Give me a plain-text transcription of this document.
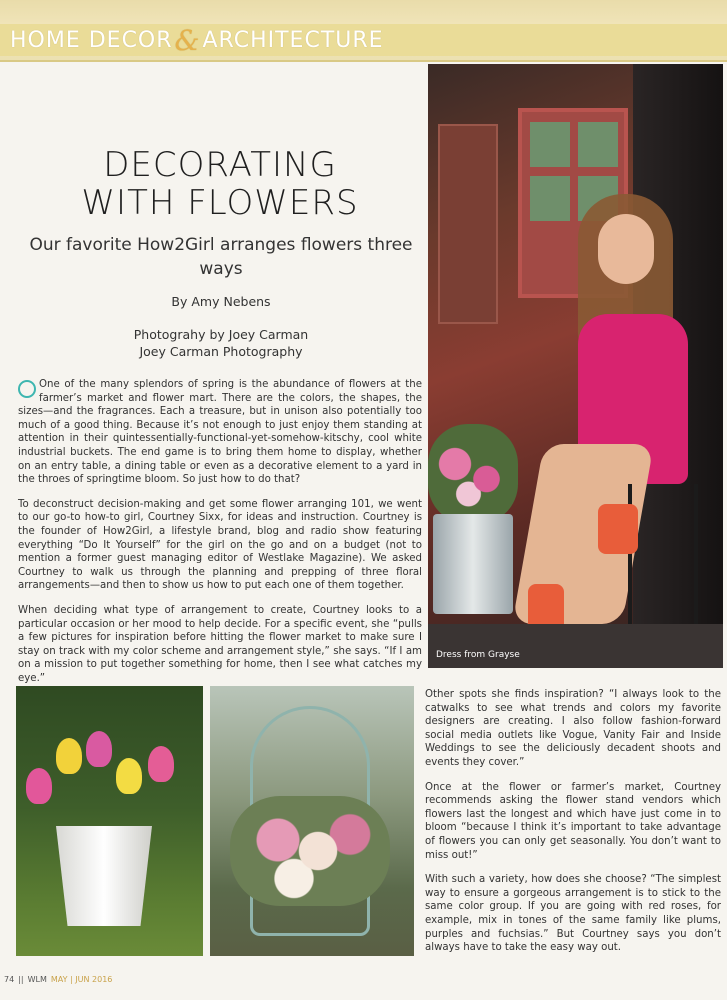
HOME DECOR & ARCHITECTURE
DECORATING
WITH FLOWERS
Our favorite How2Girl arranges flowers three ways
By Amy Nebens
Photograhy by Joey Carman
Joey Carman Photography

One of the many splendors of spring is the abundance of flowers at the farmer’s market and flower mart. There are the colors, the shapes, the sizes—and the fragrances. Each a treasure, but in unison also potentially too much of a good thing. Because it’s not enough to just enjoy them standing at attention in their quintessentially-functional-yet-somehow-kitschy, cool white industrial buckets. The end game is to bring them home to display, whether on an entry table, a dining table or even as a decorative element to a yard in the throes of springtime bloom. So just how to do that?

To deconstruct decision-making and get some flower arranging 101, we went to our go-to how-to girl, Courtney Sixx, for ideas and instruction. Courtney is the founder of How2Girl, a lifestyle brand, blog and radio show featuring everything “Do It Yourself” for the girl on the go and on a budget (not to mention a former guest managing editor of Westlake Magazine). We asked Courtney to walk us through the planning and prepping of three floral arrangements—and then to show us how to put each one of them together.

When deciding what type of arrangement to create, Courtney looks to a particular occasion or her mood to help decide. For a specific event, she “pulls a few pictures for inspiration before hitting the flower market to make sure I stay on track with my color scheme and arrangement style,” she says. “If I am on a mission to put together something for home, then I see what catches my eye.”

Dress from Grayse

Other spots she finds inspiration? “I always look to the catwalks to see what trends and colors my favorite designers are creating. I also follow fashion-forward social media outlets like Vogue, Vanity Fair and Inside Weddings to see the deliciously decadent shoots and events they cover.”

Once at the flower or farmer’s market, Courtney recommends asking the flower stand vendors which flowers last the longest and which have just come in to bloom “because I think it’s important to take advantage of flowers you can only get seasonally. You don’t want to miss out!”

With such a variety, how does she choose? “The simplest way to ensure a gorgeous arrangement is to stick to the same color group. If you are going with red roses, for example, mix in tones of the same family like plums, purples and fuchsias.” But Courtney says you don’t always have to take the easy way out.

74 || WLM MAY | JUN 2016
